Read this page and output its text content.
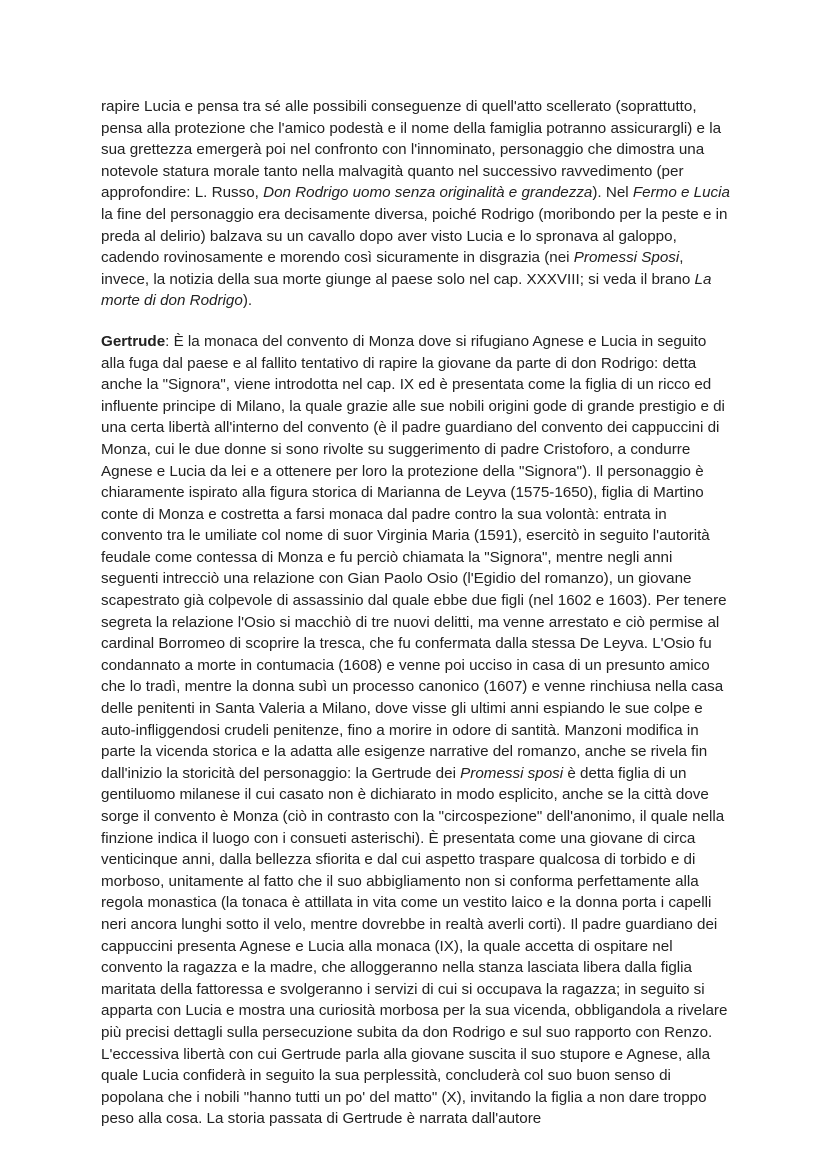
rapire Lucia e pensa tra sé alle possibili conseguenze di quell'atto scellerato (soprattutto, pensa alla protezione che l'amico podestà e il nome della famiglia potranno assicurargli) e la sua grettezza emergerà poi nel confronto con l'innominato, personaggio che dimostra una notevole statura morale tanto nella malvagità quanto nel successivo ravvedimento (per approfondire: L. Russo, Don Rodrigo uomo senza originalità e grandezza). Nel Fermo e Lucia la fine del personaggio era decisamente diversa, poiché Rodrigo (moribondo per la peste e in preda al delirio) balzava su un cavallo dopo aver visto Lucia e lo spronava al galoppo, cadendo rovinosamente e morendo così sicuramente in disgrazia (nei Promessi Sposi, invece, la notizia della sua morte giunge al paese solo nel cap. XXXVIII; si veda il brano La morte di don Rodrigo).

Gertrude: È la monaca del convento di Monza dove si rifugiano Agnese e Lucia in seguito alla fuga dal paese e al fallito tentativo di rapire la giovane da parte di don Rodrigo: detta anche la "Signora", viene introdotta nel cap. IX ed è presentata come la figlia di un ricco ed influente principe di Milano, la quale grazie alle sue nobili origini gode di grande prestigio e di una certa libertà all'interno del convento (è il padre guardiano del convento dei cappuccini di Monza, cui le due donne si sono rivolte su suggerimento di padre Cristoforo, a condurre Agnese e Lucia da lei e a ottenere per loro la protezione della "Signora"). Il personaggio è chiaramente ispirato alla figura storica di Marianna de Leyva (1575-1650), figlia di Martino conte di Monza e costretta a farsi monaca dal padre contro la sua volontà: entrata in convento tra le umiliate col nome di suor Virginia Maria (1591), esercitò in seguito l'autorità feudale come contessa di Monza e fu perciò chiamata la "Signora", mentre negli anni seguenti intrecciò una relazione con Gian Paolo Osio (l'Egidio del romanzo), un giovane scapestrato già colpevole di assassinio dal quale ebbe due figli (nel 1602 e 1603). Per tenere segreta la relazione l'Osio si macchiò di tre nuovi delitti, ma venne arrestato e ciò permise al cardinal Borromeo di scoprire la tresca, che fu confermata dalla stessa De Leyva. L'Osio fu condannato a morte in contumacia (1608) e venne poi ucciso in casa di un presunto amico che lo tradì, mentre la donna subì un processo canonico (1607) e venne rinchiusa nella casa delle penitenti in Santa Valeria a Milano, dove visse gli ultimi anni espiando le sue colpe e auto-infliggendosi crudeli penitenze, fino a morire in odore di santità. Manzoni modifica in parte la vicenda storica e la adatta alle esigenze narrative del romanzo, anche se rivela fin dall'inizio la storicità del personaggio: la Gertrude dei Promessi sposi è detta figlia di un gentiluomo milanese il cui casato non è dichiarato in modo esplicito, anche se la città dove sorge il convento è Monza (ciò in contrasto con la "circospezione" dell'anonimo, il quale nella finzione indica il luogo con i consueti asterischi). È presentata come una giovane di circa venticinque anni, dalla bellezza sfiorita e dal cui aspetto traspare qualcosa di torbido e di morboso, unitamente al fatto che il suo abbigliamento non si conforma perfettamente alla regola monastica (la tonaca è attillata in vita come un vestito laico e la donna porta i capelli neri ancora lunghi sotto il velo, mentre dovrebbe in realtà averli corti). Il padre guardiano dei cappuccini presenta Agnese e Lucia alla monaca (IX), la quale accetta di ospitare nel convento la ragazza e la madre, che alloggeranno nella stanza lasciata libera dalla figlia maritata della fattoressa e svolgeranno i servizi di cui si occupava la ragazza; in seguito si apparta con Lucia e mostra una curiosità morbosa per la sua vicenda, obbligandola a rivelare più precisi dettagli sulla persecuzione subita da don Rodrigo e sul suo rapporto con Renzo. L'eccessiva libertà con cui Gertrude parla alla giovane suscita il suo stupore e Agnese, alla quale Lucia confiderà in seguito la sua perplessità, concluderà col suo buon senso di popolana che i nobili "hanno tutti un po' del matto" (X), invitando la figlia a non dare troppo peso alla cosa. La storia passata di Gertrude è narrata dall'autore
